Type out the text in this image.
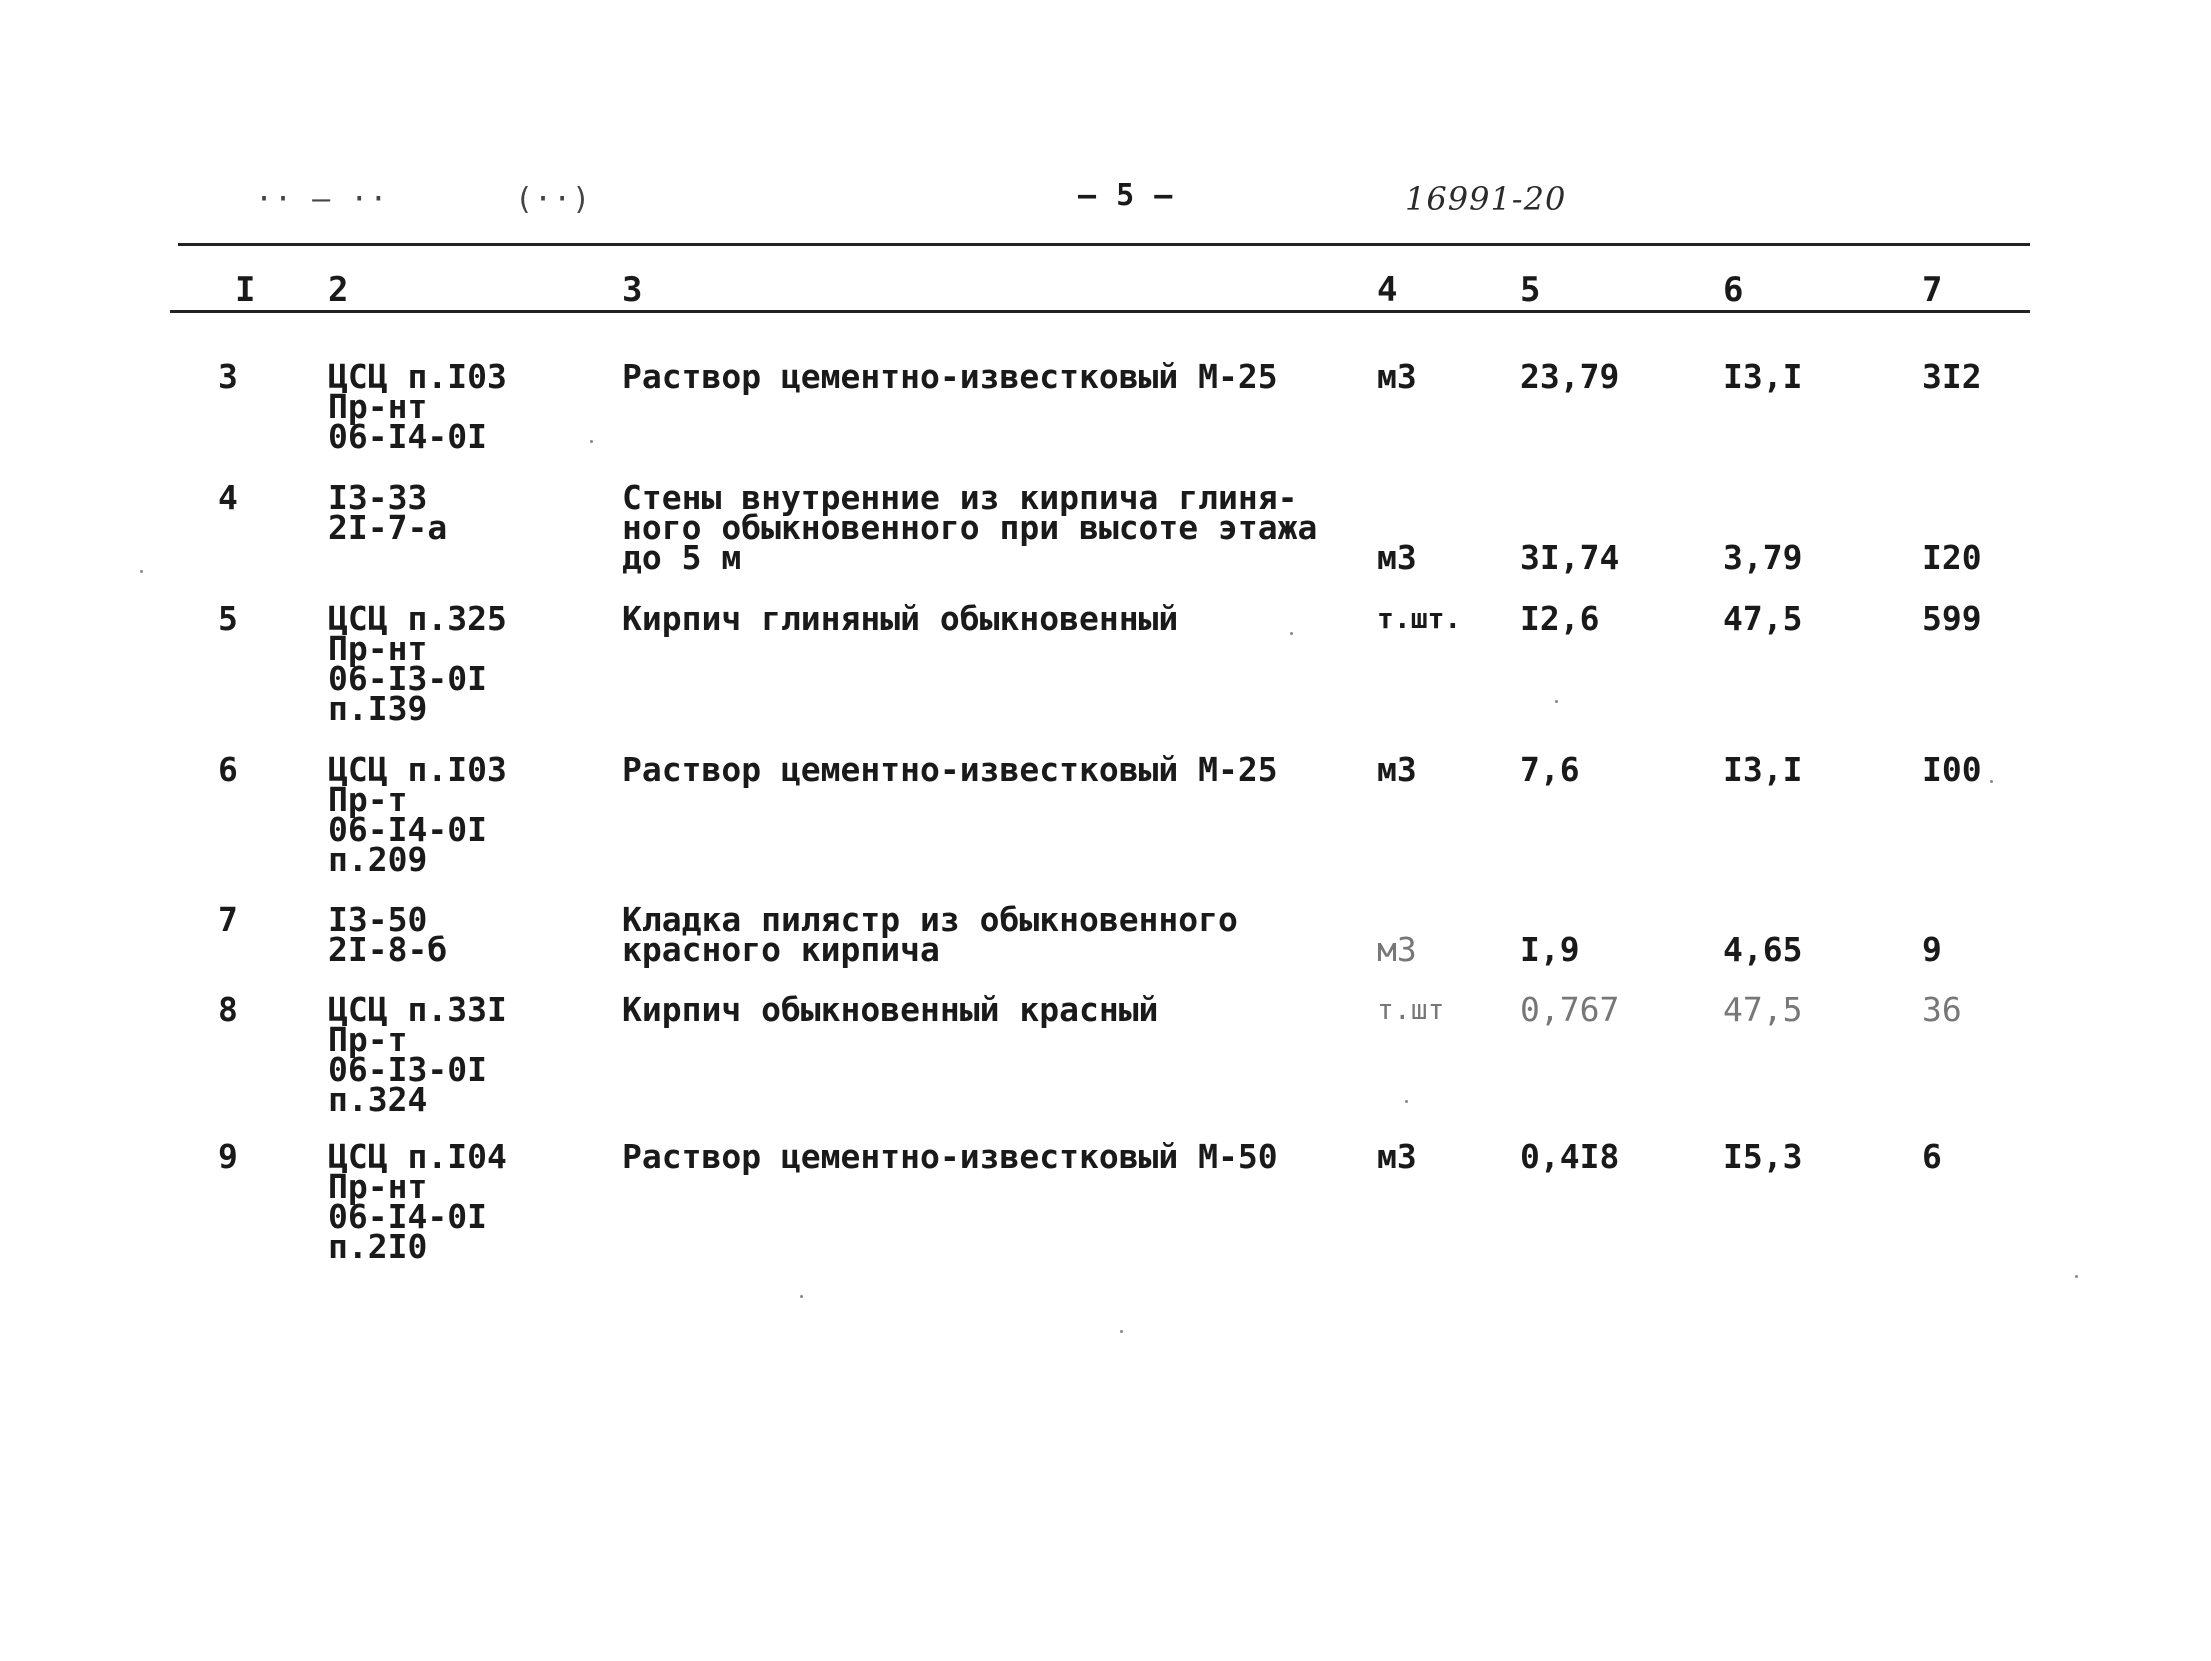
·· — ··	(··)	– 5 –	16991-20
I 2	3	4	5	6	7
3	ЦСЦ п.I03
Пр-нт
06-I4-0I
Раствор цементно-известковый М-25	м3	23,79	I3,I	3I2
4	I3-33
2I-7-а
Стены внутренние из кирпича глиня-
ного обыкновенного при высоте этажа
до 5 м	м3	3I,74	3,79	I20
5	ЦСЦ п.325
Пр-нт
06-I3-0I
п.I39
Кирпич глиняный обыкновенный	т.шт. I2,6	47,5	599
6	ЦСЦ п.I03
Пр-т
06-I4-0I
п.209
Раствор цементно-известковый М-25	м3	7,6	I3,I	I00
7	I3-50
2I-8-б
Кладка пилястр из обыкновенного
красного кирпича	м3	I,9	4,65	9
8	ЦСЦ п.33I
Пр-т
06-I3-0I
п.324
Кирпич обыкновенный красный	т.шт 0,767	47,5	36
9	ЦСЦ п.I04
Пр-нт
06-I4-0I
п.2I0
Раствор цементно-известковый М-50	м3	0,4I8	I5,3	6
